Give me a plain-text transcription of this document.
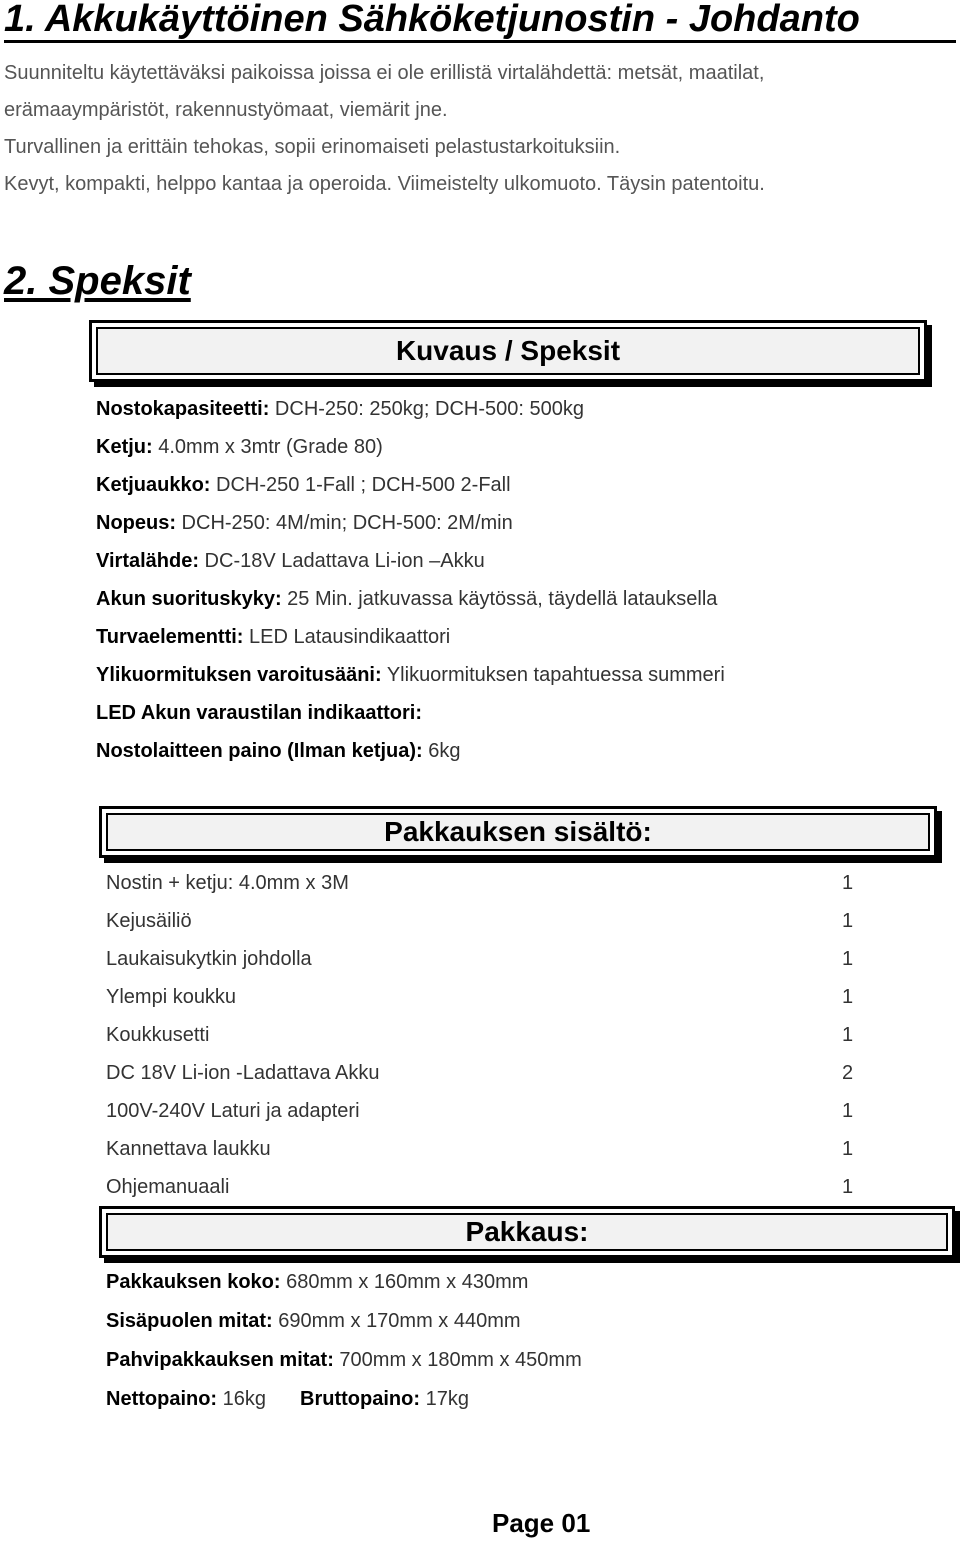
1. Akkukäyttöinen Sähköketjunostin - Johdanto

Suunniteltu käytettäväksi paikoissa joissa ei ole erillistä virtalähdettä: metsät, maatilat,

erämaaympäristöt, rakennustyömaat, viemärit jne.

Turvallinen ja erittäin tehokas, sopii erinomaiseti pelastustarkoituksiin.

Kevyt, kompakti, helppo kantaa ja operoida. Viimeistelty ulkomuoto. Täysin patentoitu.

2. Speksit
Kuvaus / Speksit
Nostokapasiteetti: DCH-250: 250kg; DCH-500: 500kg
Ketju: 4.0mm x 3mtr (Grade 80)
Ketjuaukko: DCH-250 1-Fall ; DCH-500 2-Fall
Nopeus: DCH-250: 4M/min; DCH-500: 2M/min
Virtalähde: DC-18V Ladattava Li-ion –Akku
Akun suorituskyky: 25 Min. jatkuvassa käytössä, täydellä latauksella
Turvaelementti: LED Latausindikaattori
Ylikuormituksen varoitusääni: Ylikuormituksen tapahtuessa summeri
LED Akun varaustilan indikaattori:
Nostolaitteen paino (Ilman ketjua): 6kg
Pakkauksen sisältö:
Nostin + ketju: 4.0mm x 3M	1
Kejusäiliö	1
Laukaisukytkin johdolla	1
Ylempi koukku	1
Koukkusetti	1
DC 18V Li-ion -Ladattava Akku	2
100V-240V Laturi ja adapteri	1
Kannettava laukku	1
Ohjemanuaali	1
Pakkaus:
Pakkauksen koko: 680mm x 160mm x 430mm
Sisäpuolen mitat: 690mm x 170mm x 440mm
Pahvipakkauksen mitat: 700mm x 180mm x 450mm
Nettopaino: 16kg Bruttopaino: 17kg
Page 01
